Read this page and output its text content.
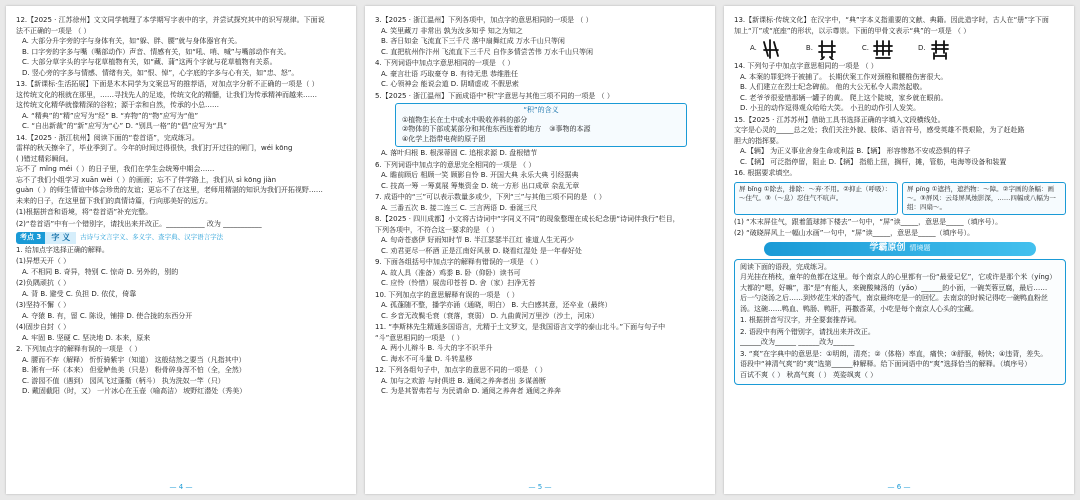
12.【2025 · 江苏徐州】文文同学梳理了本学期写字表中的字，并尝试探究其中的识写规律。下面说

法不正确的一项是 （ ）

A. 大部分升字旁的字与身体有关，如“躲、胖、腰”就与身体器官有关。

B. 口字旁的字多与嘴（嘴部动作）声音、情感有关，如“吼、哨、喊”与嘴部动作有关。

C. 大部分草字头的字与花草植物有关，如“藏、蒲”这两个字就与花草植物有关系。

D. 竖心旁的字多与情感、情绪有关，如“恨、悼”，心字底的字多与心有关，如“忠、怒”。

13.【新课标·生活拓展】下面是木木同学为文案总写的推荐语，对加点字分析不正确的一项是（ ）

这传统文化的根就在那里，……寻找先人的足迹，传统文化的精髓，让我们为传承精神而越来……

这传统文化精华就像精深的谷粒；源于亲和自然，传承的小总……

A. “精典”的“精”应写为“经” B. “弃物”的“物”应写为“他”

C. “自出新裁”的“新”应写为“心” D. “别具一格”的“倡”应写为“具”

14.【2025 · 浙江杭州】阅读下面的“卷首语”，完成练习。

雷样的秋天擦伞了，毕业季到了。今年的时间过得很快，我们打开过往的闸门，wéi kōng

( )错过精彩瞬间。

忘不了 mǐng méi（ ）的日子里，我们在学生会统筹中期会……

忘不了我们小组学习 xuān wèi（ ）的画面；忘不了伴学路上，我们从 sì kōng jiàn

guàn（ ）的师生情谊中体会珍贵的友谊；更忘不了在这里，老师用精湛的知识为我们开拓视野……

未来的日子，在这里留下我们的真情诗篇，行向那美好的远方。

(1)根据拼音和语境，将“卷首语”补充完整。

(2)“卷首语”中有一个错别字，请找出来并改正。___________ 改为 ___________

考点 3	字 义	古诗与文言字义、多义字、查字典、汉字语言字法

1. 给加点字选择正确的解释。

(1)异想天开（ ）

A. 不相同 B. 奇异，特别 C. 惊奇 D. 另外的，别的

(2)负隅顽抗（ ）

A. 背 B. 避受 C. 负担 D. 依仗，倚靠

(3)坚持不懈（ ）

A. 夺猿 B. 有，留 C. 陈设，铺排 D. 使合拢的东西分开

(4)固步自封（ ）

A. 牢固 B. 坚硬 C. 坚决地 D. 本来，原来

2. 下列加点字的解释有误的一项是 （ ）

A. 腰而不弃（解释） 忻忻骑紫宇（知道） 这般结然之要当（凡指其中）

B. 淅有一环（本来） 但爱鲈鱼美（只是） 粉骨碎身浑不怕（全，全然）

C. 游园不值（遇到） 园风飞过蓬衢（柄斗） 执为洗奴一竿（只）

D. 戴固截阳（时，又） 一片冰心在玉壶（喻高洁） 坡野红潜处（秀美）

— 4 —

3.【2025 · 浙江温州】下列各项中，加点字的意思相同的一项是 （ ）

A. 笑里藏刀 非常出 孰为汝多知乎 知之为知之

B. 吝日如金 飞流直下三千尺 落中扇舞红成 万水千山只等闲

C. 直把杭州作汴州 飞流直下三千尺 自作多情尝苦伟 万水千山只等闲

4. 下列词语中加点字意思相同的一项是 （ ）

A. 豪言壮语 巧取豪夺 B. 有待无患 恭维胜任

C. 心领神会 能说会道 D. 阴晴虚或 不假思索

5.【2025 · 浙江温州】下面成语中“积”字意思与其他三项不同的一项是 （ ）

“积”的含义
①植物生长在土中或水中吸收养料的部分②物体的下部或某部分和其他东西连着的地方 ③事物的本源④化学上指带电荷的原子团

A. 落叶归根 B. 根深蒂固 C. 追根求源 D. 盘根错节

6. 下列词语中加点字的意思完全相同的一项是 （ ）

A. 瞻前顾后 相顾一笑 顾影自怜 B. 开国大典 永乐大典 引经据典

C. 技高一筹 一筹莫展 筹集资金 D. 统一方形 出口成章 杂乱无章

7. 成语中的“三”可以表示数量多或少，下列“三”与其他三项不同的是 （ ）

A. 三番五次 B. 接二连三 C. 三言两语 D. 垂涎三尺

8.【2025 · 四川成都】小文将古诗词中“字同义不同”的现象整理在成长纪念册“诗词伴我行”栏目，

下列各项中，不符合这一要求的是 （ ）

A. 旬奇苍惑伊 好雨知时节 B. 半江瑟瑟半江红 谁道人生无再少

C. 劝君更尽一杯酒 正是江南好风景 D. 晓看红湿处 是一年春好处

9. 下面各组括号中加点字的解释有错误的一项是 （ ）

A. 故人具（准备）鸡黍 B. 卧（仰卧）读书可

C. 应怜（怜惜）展齿印苍苔 D. 舍（家）扫净无苔

10. 下列加点字的意思解释有误的一项是 （ ）

A. 孤蓬随不整，播学亦涌（通晓，明白） B. 大白感其意，还卒业（最终）

C. 乡音无改鬓毛衰（衰落，衰弱） D. 九曲黄河万里沙（沙土，河床）

11. “李斯林先生精通多国语言，尤精于土文罗文，是我国语言文学的泰山北斗。”下面与句子中

“斗”意思相同的一项是 （ ）

A. 两小儿辩斗 B. 斗大的字不识半升

C. 海水不可斗量 D. 斗转星移

12. 下列各组句子中，加点字的意思不同的一项是 （ ）

A. 加与之欢游 与时俱进 B. 通阅之养奔者出 多谋善断

C. 为是其智弗若与 为民请命 D. 通阅之养奔者 通阅之养奔

— 5 —

13.【新课标·传统文化】在汉字中，“典”字本义指重要的文献、典籍。因此造字时，古人在“册”字下面

加上“丌”或“底座”的形状，以示尊崇。下面的甲骨文表示“典”的一项是 （ ）

A.	B.	C.	D.

14. 下列句子中加点字意思相同的一项是 （ ）

A. 本案的罪犯终于被捕了。 长期伏案工作对颈椎和腰椎伤害很大。

B. 人们建立在烈士纪念碑前。 他的大公无私令人肃然起敬。

C. 老爷爷很爱惜那辆一罐子的黄。 爬上这个陡坡，家乡就在眼前。

D. 小丑的动作逗得观众哈哈大笑。 小丑的动作引人发笑。

15.【2025 · 江苏苏州】借助工具书选择正确的字填入文段横线处。

文字是心灵的_____总之处；我们关注外貌、肢体、语言符号，感受英雄不畏艰险，为了赶赴路

胆大的指挥要。

A.【辆】 为正义事业舍身生命或利益 B.【辆】 形容惨愁不安或恐惧的样子

C.【辆】 可泛指停留，阻止 D.【辆】 指船上扭，搁杆，摊，管舫，电海等设备和装置

16. 根据要求填空。

屏 bǐng ①除去，排除：～弃·不用。②抑止（呼吸）：～住气。③（～息）忍住气不吭声。
屏 píng ①遮挡，遮挡物：～障。②字画的条幅：画～。③屏风：云母屏风烛影深，……四幅或八幅为一组：四扇～。

(1) “木末屏住气，跟着篮球摔下楼去”一句中，“屏”读_____，意思是_____（填序号）。

(2) “破晓屏风上一幅山水画”一句中，“屏”读_____，意思是_____（填序号）。

学霸原创 情境题

阅读下面的语段，完成练习。

月光挂在梢枝，童年的鱼都在这里。每个南京人的心里都有一份“最爱记忆”，它或许是那个米（yíng）

大都的“嗯，好嘛”，那“是”有能人，来碗酸辣汤的（yǎo）______的小面，一碗芙蓉豆腐，最后……

后一勺浇汤之后……到炒花生米的香气，南京最终吃是一的回忆。去南京的时候记得吃一碗鸭血粉丝

汤。这碗……鸭血、鸭肠、鸭肝，再撒香菜，小吃是每个南京人心头的宝藏。

1. 根据拼音写汉字，并全要套推荐词。

2. 语段中有两个错别字，请找出来并改正。

______改为______ ______改为______

3. “爽”在字典中的意思是：①明朗，清亮；②（体格）率直，痛快；③舒服，畅快；④违背，差失。

语段中“神清气爽”的“爽”选第______种解释。给下面词语中的“爽”选择恰当的解释。（填序号）

百试不爽（ ） 秋高气爽（ ） 英姿飒爽（ ）

— 6 —
